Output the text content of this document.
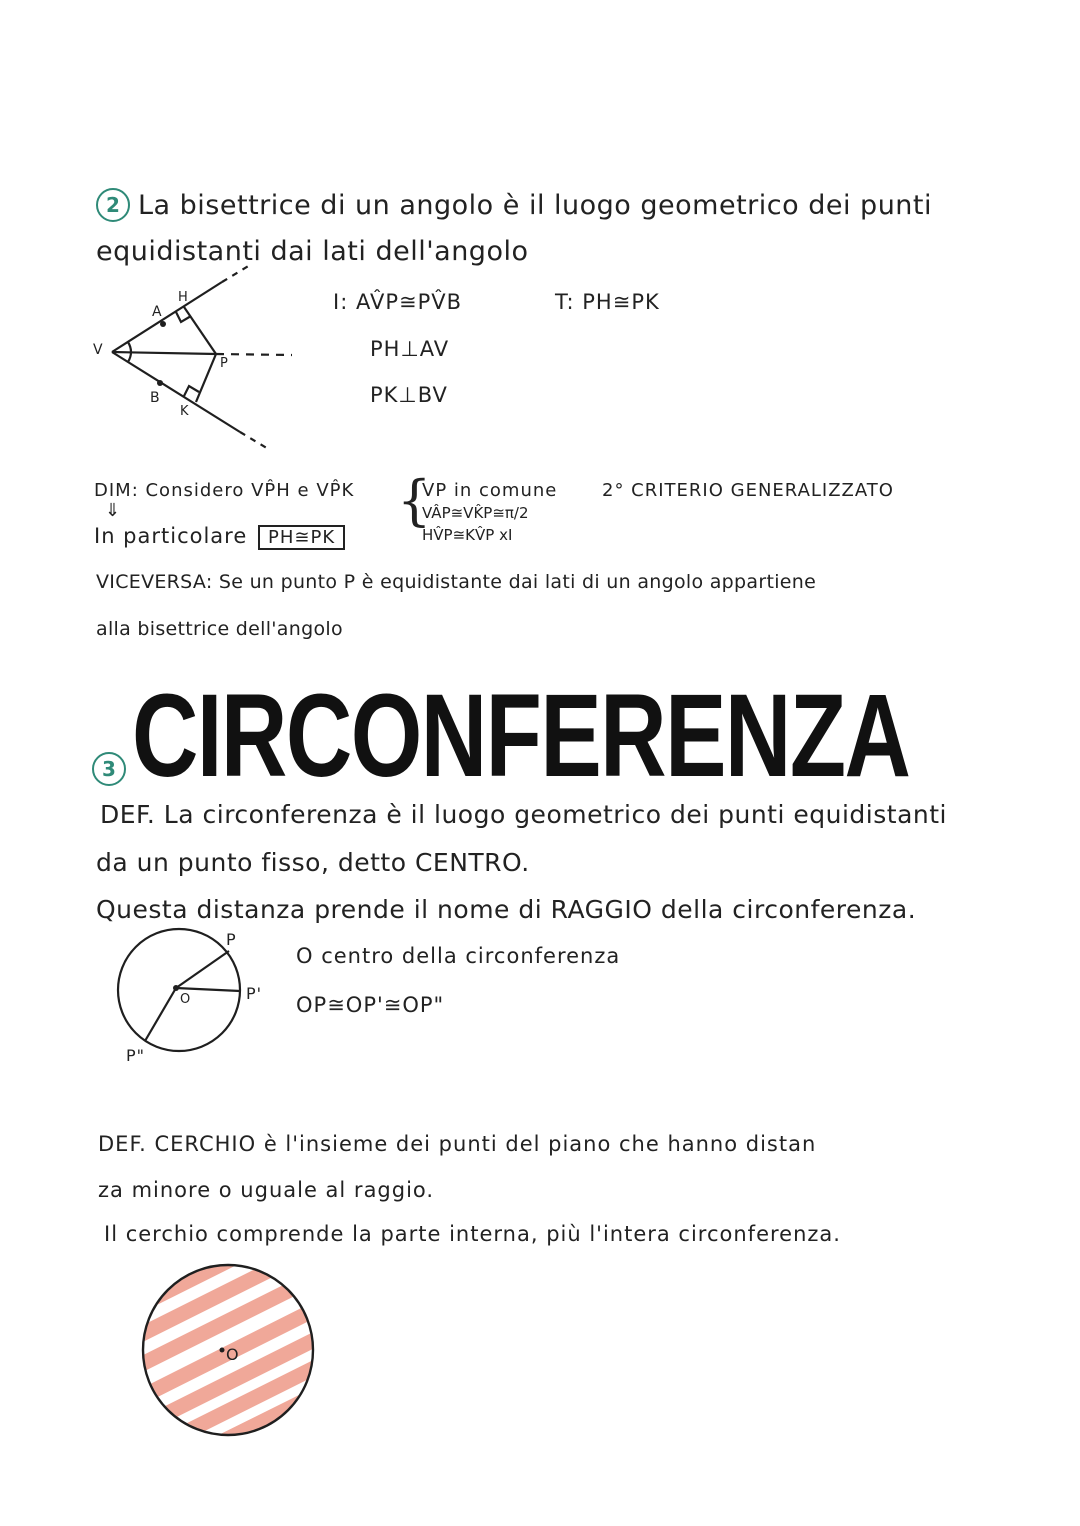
2 La bisettrice di un angolo è il luogo geometrico dei punti
equidistanti dai lati dell'angolo
A
H
V
P
B
K
I: AV̂P≅PV̂B
PH⊥AV
PK⊥BV
T: PH≅PK
DIM: Considero VP̂H e VP̂K
⇓
In particolare	PH≅PK
{
VP in comune
VÂP≅VK̂P≅π/2
HV̂P≅KV̂P xI
2° CRITERIO GENERALIZZATO
VICEVERSA: Se un punto P è equidistante dai lati di un angolo appartiene
alla bisettrice dell'angolo
3 CIRCONFERENZA
DEF. La circonferenza è il luogo geometrico dei punti equidistanti
da un punto fisso, detto CENTRO.
Questa distanza prende il nome di RAGGIO della circonferenza.
P
P'
P"
O
O centro della circonferenza
OP≅OP'≅OP"
DEF. CERCHIO è l'insieme dei punti del piano che hanno distan
za minore o uguale al raggio.
Il cerchio comprende la parte interna, più l'intera circonferenza.
O
